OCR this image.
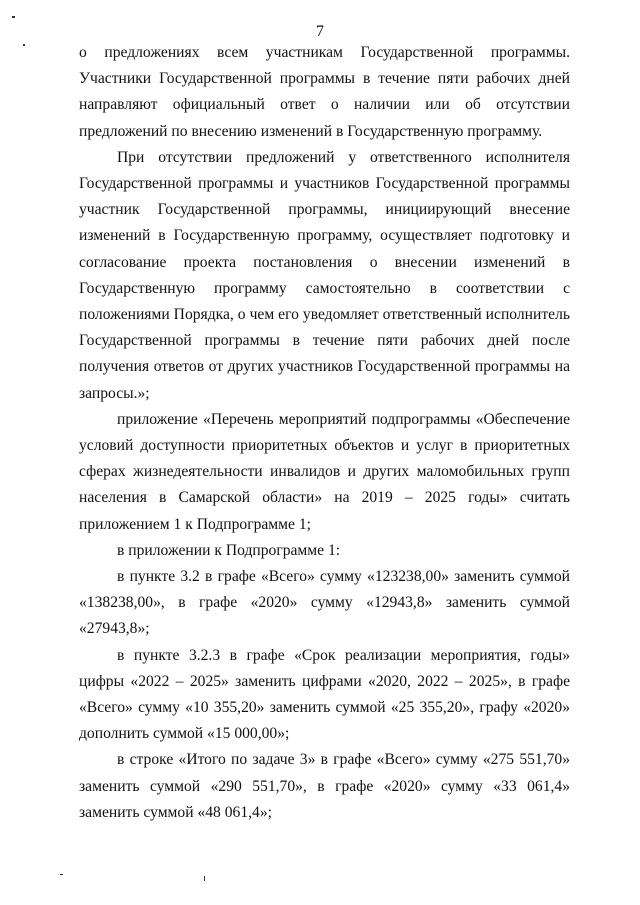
7

о предложениях всем участникам Государственной программы. Участники Государственной программы в течение пяти рабочих дней направляют официальный ответ о наличии или об отсутствии предложений по внесению изменений в Государственную программу.

При отсутствии предложений у ответственного исполнителя Государственной программы и участников Государственной программы участник Государственной программы, инициирующий внесение изменений в Государственную программу, осуществляет подготовку и согласование проекта постановления о внесении изменений в Государственную программу самостоятельно в соответствии с положениями Порядка, о чем его уведомляет ответственный исполнитель Государственной программы в течение пяти рабочих дней после получения ответов от других участников Государственной программы на запросы.»;

приложение «Перечень мероприятий подпрограммы «Обеспечение условий доступности приоритетных объектов и услуг в приоритетных сферах жизнедеятельности инвалидов и других маломобильных групп населения в Самарской области» на 2019 – 2025 годы» считать приложением 1 к Подпрограмме 1;

в приложении к Подпрограмме 1:

в пункте 3.2 в графе «Всего» сумму «123238,00» заменить суммой «138238,00», в графе «2020» сумму «12943,8» заменить суммой «27943,8»;

в пункте 3.2.3 в графе «Срок реализации мероприятия, годы» цифры «2022 – 2025» заменить цифрами «2020, 2022 – 2025», в графе «Всего» сумму «10 355,20» заменить суммой «25 355,20», графу «2020» дополнить суммой «15 000,00»;

в строке «Итого по задаче 3» в графе «Всего» сумму «275 551,70» заменить суммой «290 551,70», в графе «2020» сумму «33 061,4» заменить суммой «48 061,4»;
